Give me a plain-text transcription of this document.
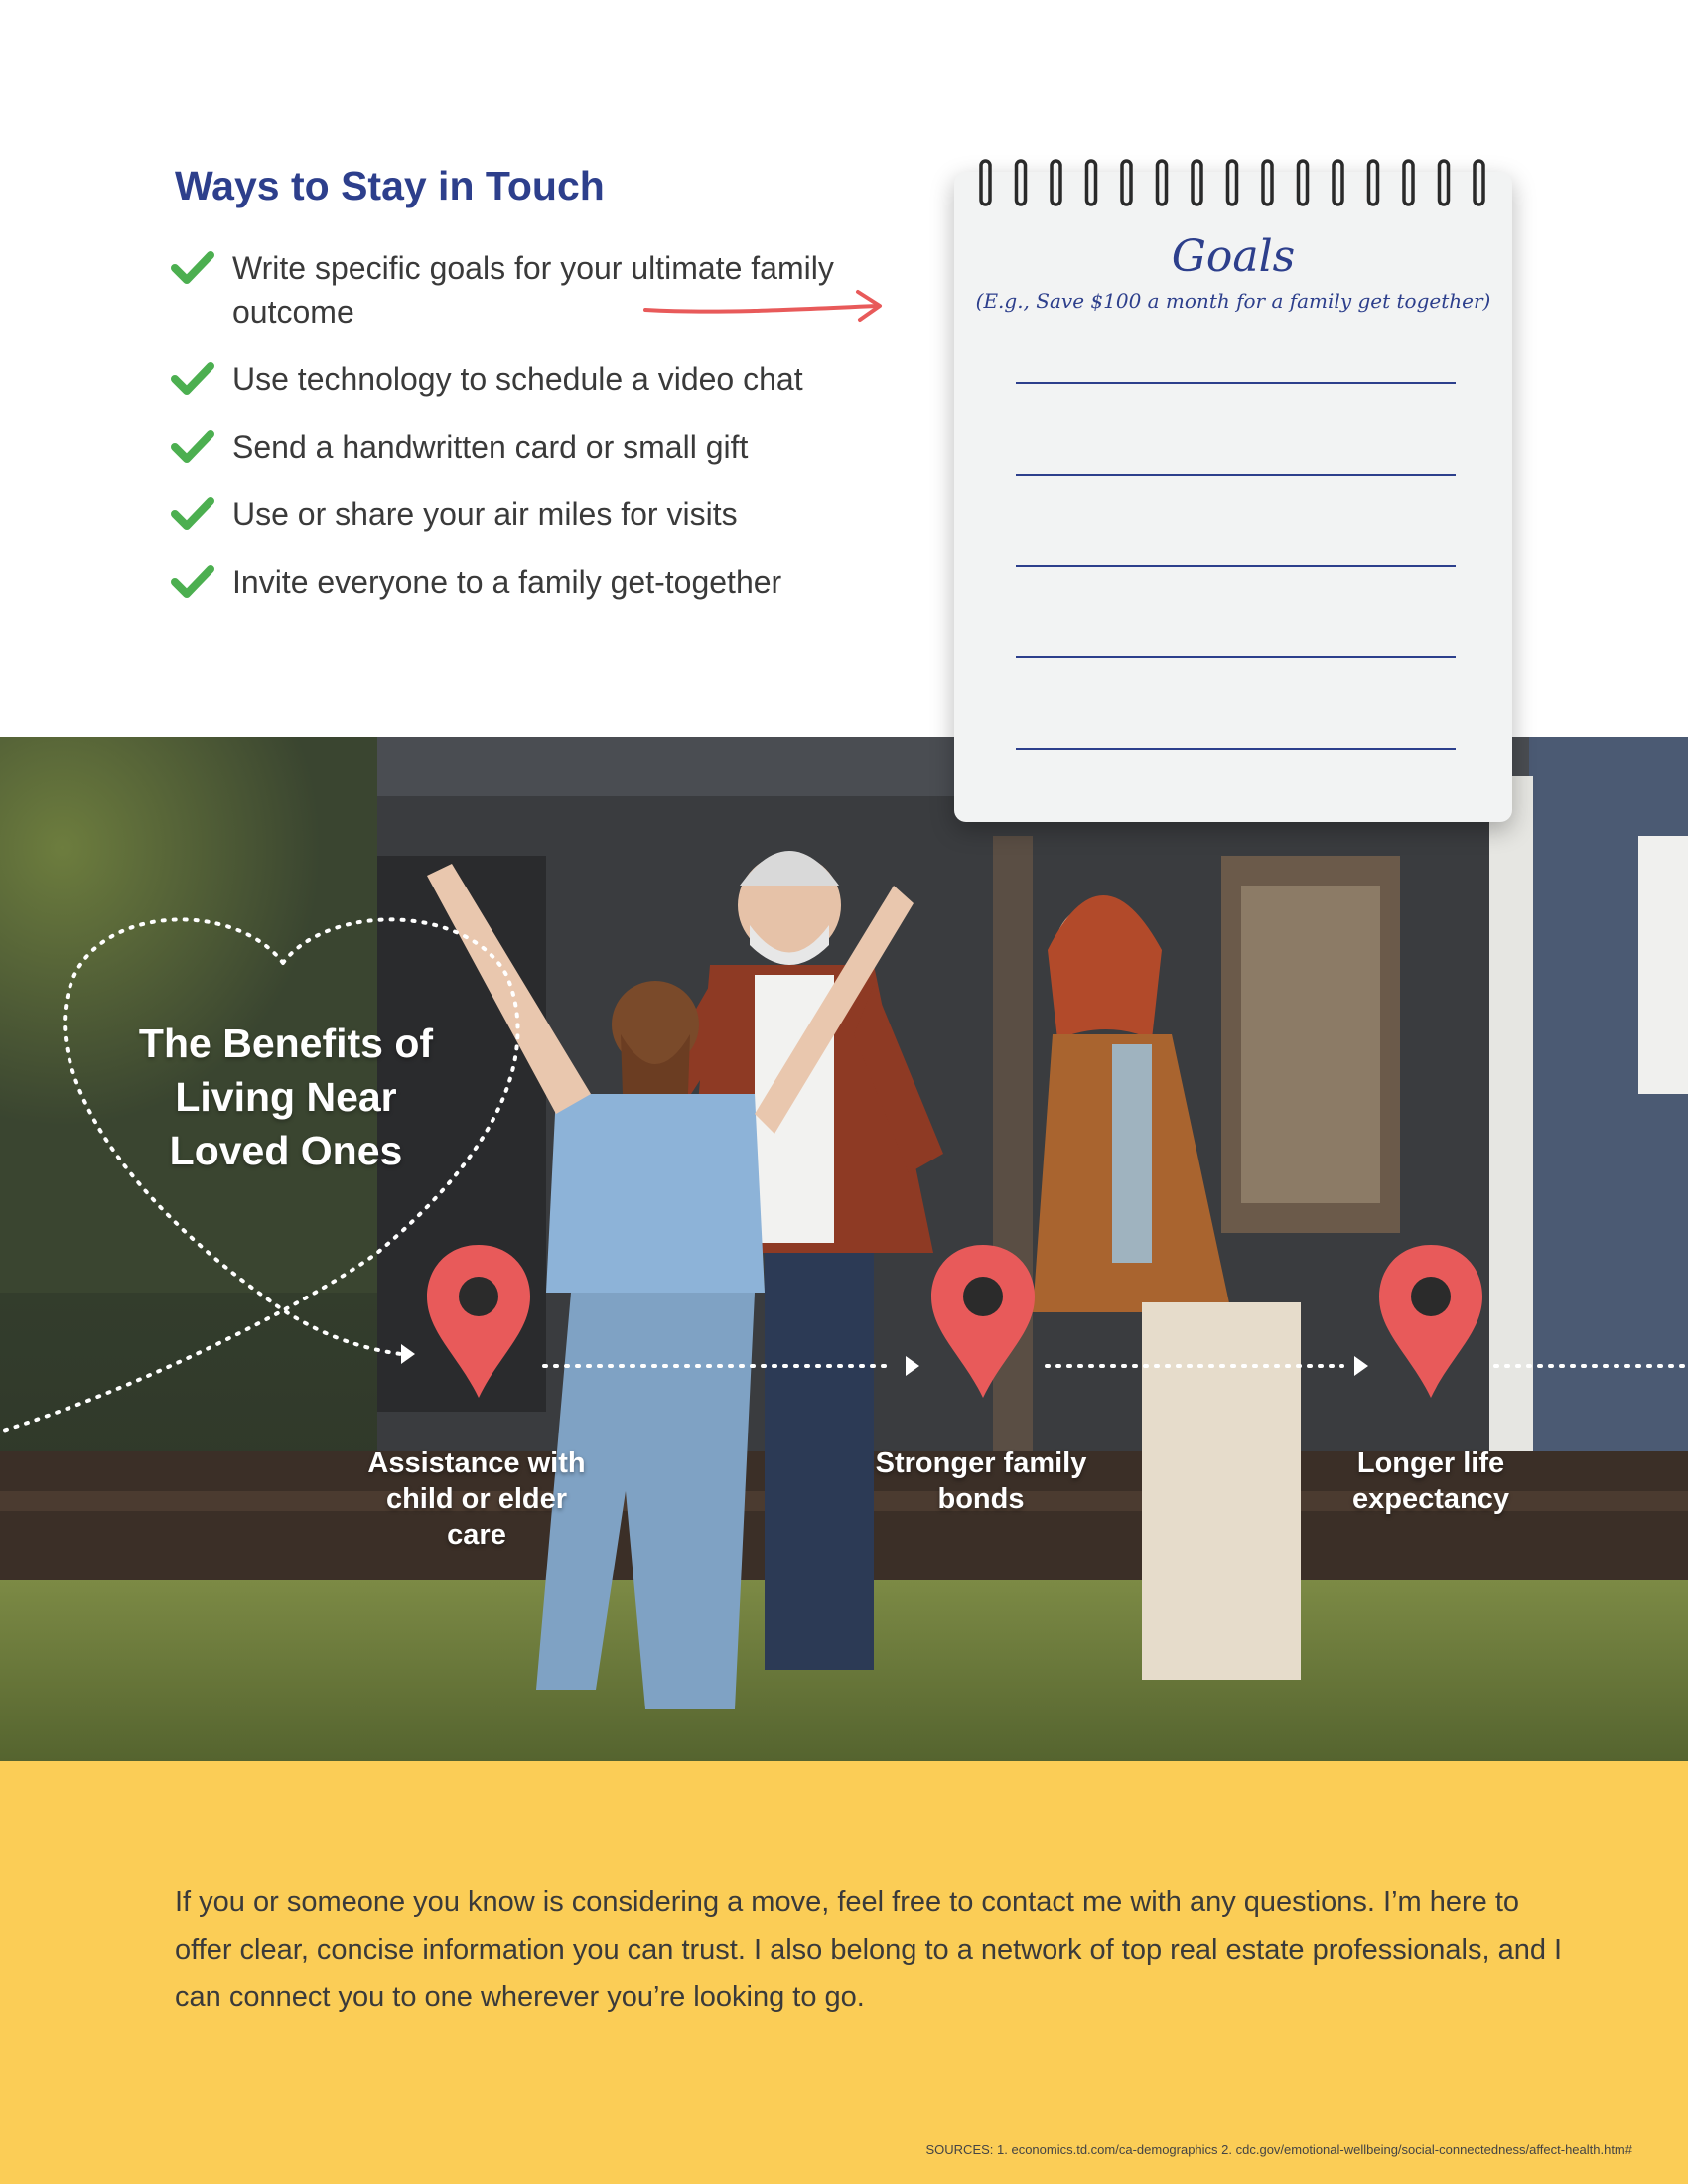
Ways to Stay in Touch
Write specific goals for your ultimate family outcome
Use technology to schedule a video chat
Send a handwritten card or small gift
Use or share your air miles for visits
Invite everyone to a family get-together
Goals
(E.g., Save $100 a month for a family get together)
The Benefits of Living Near Loved Ones
Assistance with child or elder care
Stronger family bonds
Longer life expectancy

If you or someone you know is considering a move, feel free to contact me with any questions. I’m here to offer clear, concise information you can trust. I also belong to a network of top real estate professionals, and I can connect you to one wherever you’re looking to go.

SOURCES: 1. economics.td.com/ca-demographics 2. cdc.gov/emotional-wellbeing/social-connectedness/affect-health.htm#
